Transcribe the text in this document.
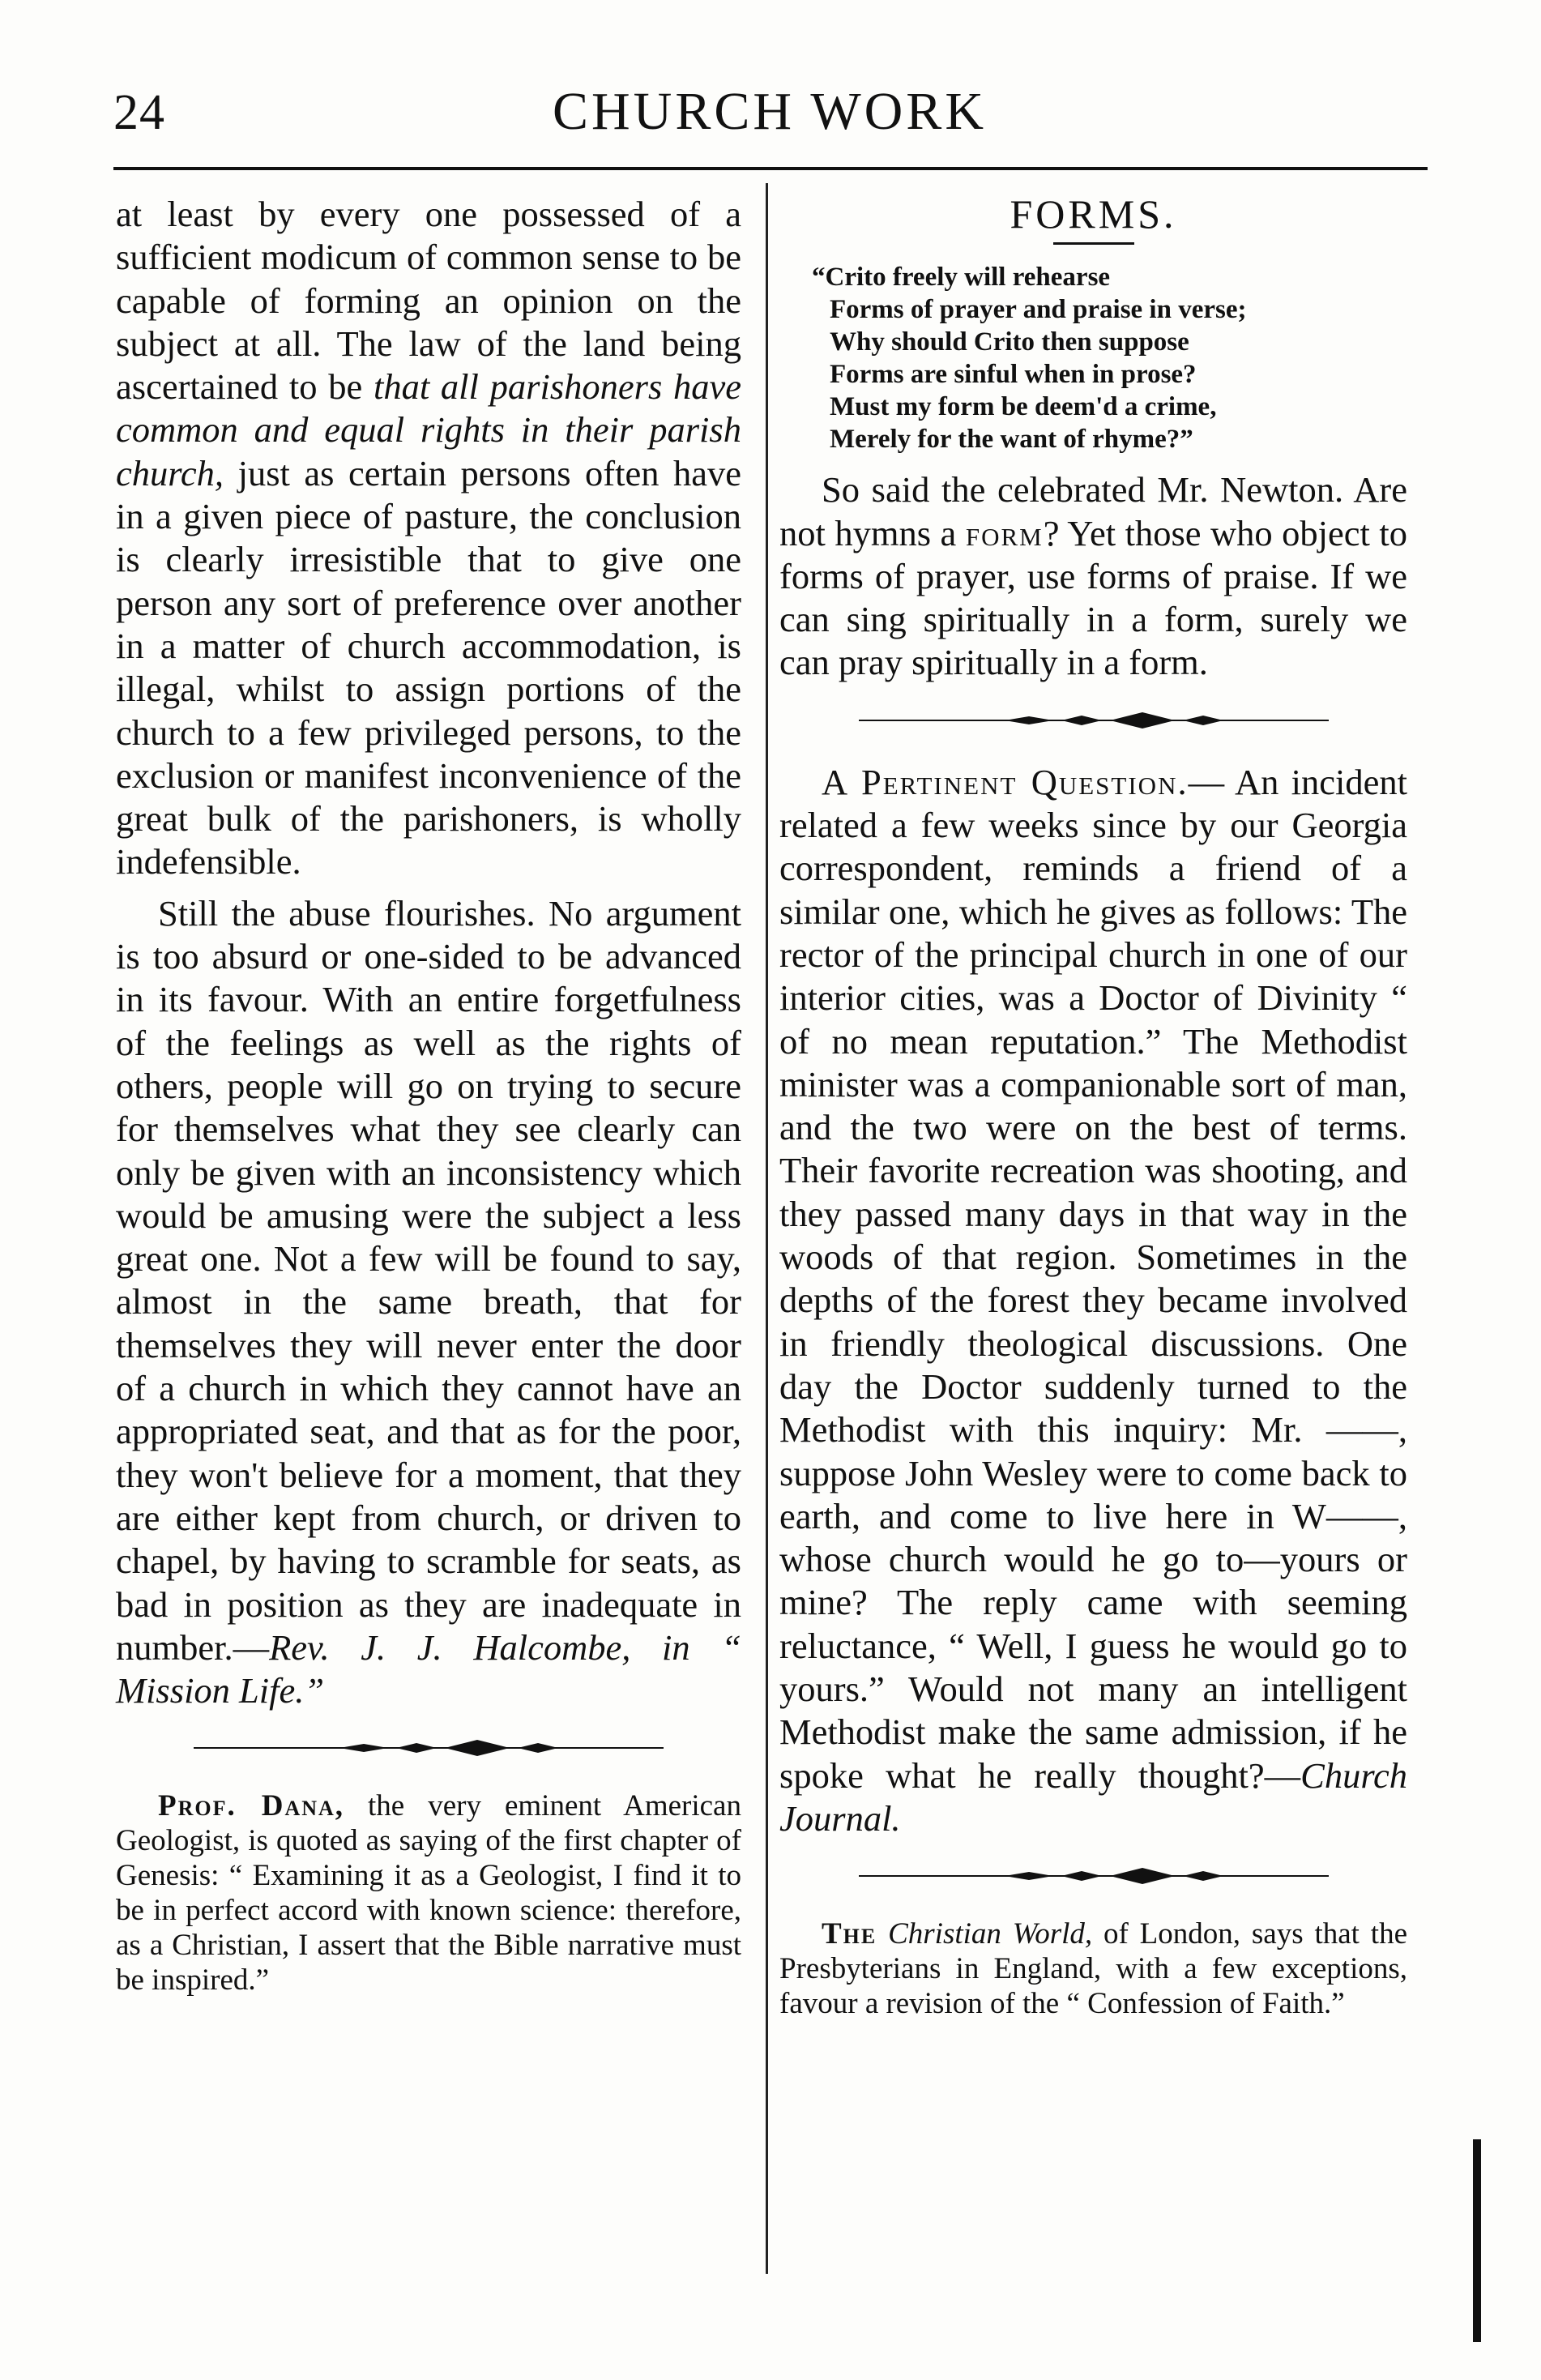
24	CHURCH WORK

at least by every one possessed of a sufficient modicum of common sense to be capable of forming an opinion on the subject at all. The law of the land being ascertained to be that all parishoners have common and equal rights in their parish church, just as certain persons often have in a given piece of pasture, the conclusion is clearly irresistible that to give one person any sort of preference over another in a matter of church accommodation, is illegal, whilst to assign portions of the church to a few privileged persons, to the exclusion or manifest inconvenience of the great bulk of the parishoners, is wholly indefensible.

Still the abuse flourishes. No argument is too absurd or one-sided to be advanced in its favour. With an entire forgetfulness of the feelings as well as the rights of others, people will go on trying to secure for themselves what they see clearly can only be given with an inconsistency which would be amusing were the subject a less great one. Not a few will be found to say, almost in the same breath, that for themselves they will never enter the door of a church in which they cannot have an appropriated seat, and that as for the poor, they won't believe for a moment, that they are either kept from church, or driven to chapel, by having to scramble for seats, as bad in position as they are inadequate in number.—Rev. J. J. Halcombe, in “ Mission Life.”

Prof. Dana, the very eminent American Geologist, is quoted as saying of the first chapter of Genesis: “ Examining it as a Geologist, I find it to be in perfect accord with known science: therefore, as a Christian, I assert that the Bible narrative must be inspired.”

FORMS.
“Crito freely will rehearse
Forms of prayer and praise in verse;
Why should Crito then suppose
Forms are sinful when in prose?
Must my form be deem'd a crime,
Merely for the want of rhyme?”

So said the celebrated Mr. Newton. Are not hymns a form? Yet those who object to forms of prayer, use forms of praise. If we can sing spiritually in a form, surely we can pray spiritually in a form.

A Pertinent Question.— An incident related a few weeks since by our Georgia correspondent, reminds a friend of a similar one, which he gives as follows: The rector of the principal church in one of our interior cities, was a Doctor of Divinity “ of no mean reputation.” The Methodist minister was a companionable sort of man, and the two were on the best of terms. Their favorite recreation was shooting, and they passed many days in that way in the woods of that region. Sometimes in the depths of the forest they became involved in friendly theological discussions. One day the Doctor suddenly turned to the Methodist with this inquiry: Mr. ——, suppose John Wesley were to come back to earth, and come to live here in W——, whose church would he go to—yours or mine? The reply came with seeming reluctance, “ Well, I guess he would go to yours.” Would not many an intelligent Methodist make the same admission, if he spoke what he really thought?—Church Journal.

The Christian World, of London, says that the Presbyterians in England, with a few exceptions, favour a revision of the “ Confession of Faith.”
